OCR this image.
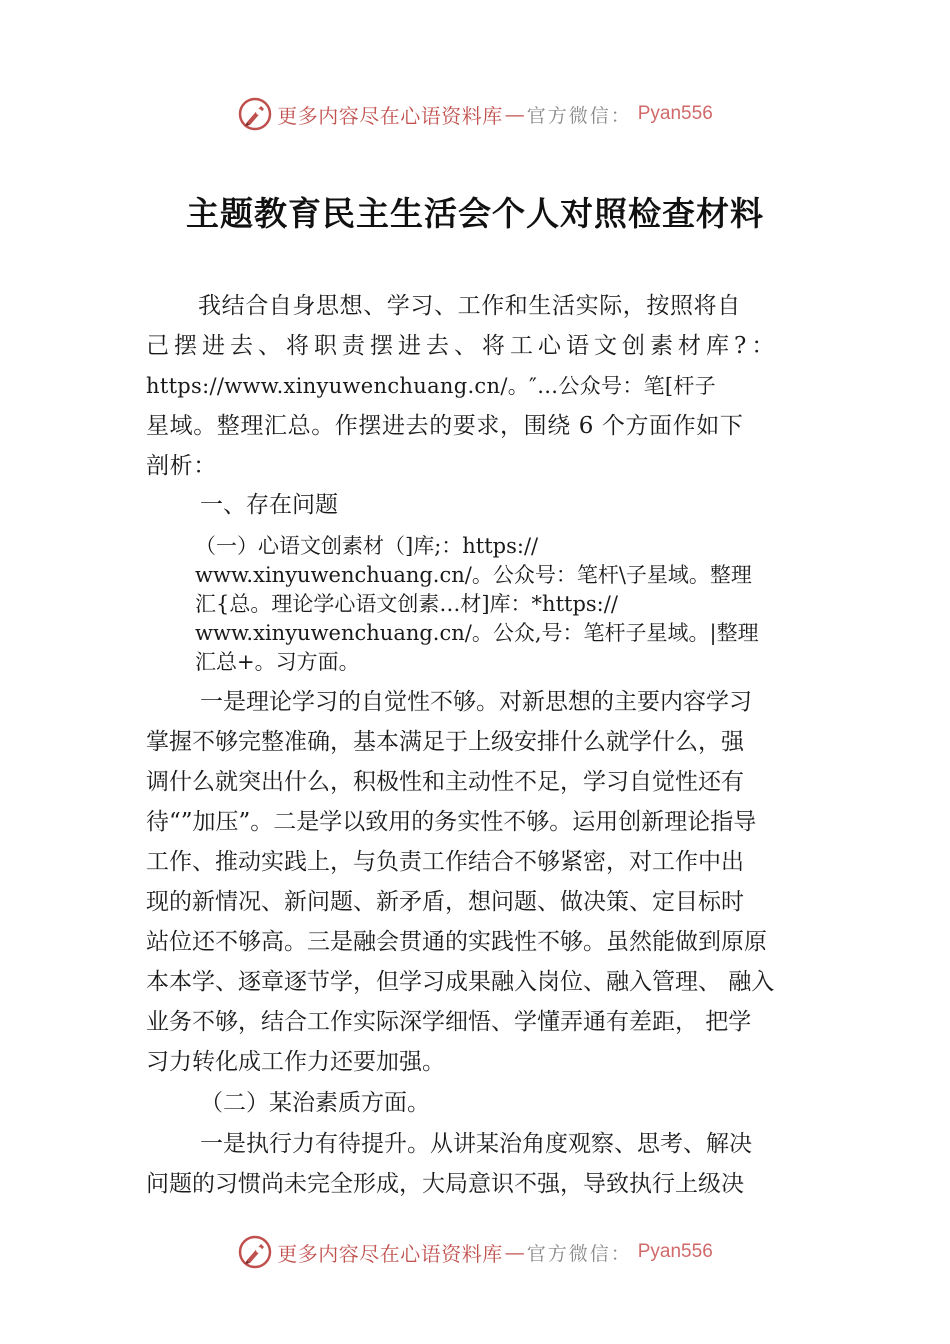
更多内容尽在心语资料库 — 官方微信： Pyan556
主题教育民主生活会个人对照检查材料
我结合自身思想、学习、工作和生活实际，按照将自
己摆进去、将职责摆进去、将工心语文创素材库?：
https://www.xinyuwenchuang.cn/。″…公众号：笔[杆子
星域。整理汇总。作摆进去的要求，围绕 6 个方面作如下
剖析：

一、存在问题

（一）心语文创素材（]库;：https://
www.xinyuwenchuang.cn/。公众号：笔杆\子星域。整理
汇{总。理论学心语文创素…材]库：*https://
www.xinyuwenchuang.cn/。公众,号：笔杆子星域。|整理
汇总+。习方面。
一是理论学习的自觉性不够。对新思想的主要内容学习
掌握不够完整准确，基本满足于上级安排什么就学什么，强
调什么就突出什么，积极性和主动性不足，学习自觉性还有
待“”加压”。二是学以致用的务实性不够。运用创新理论指导
工作、推动实践上，与负责工作结合不够紧密，对工作中出
现的新情况、新问题、新矛盾，想问题、做决策、定目标时
站位还不够高。三是融会贯通的实践性不够。虽然能做到原原
本本学、逐章逐节学，但学习成果融入岗位、融入管理、 融入
业务不够，结合工作实际深学细悟、学懂弄通有差距， 把学
习力转化成工作力还要加强。

（二）某治素质方面。

一是执行力有待提升。从讲某治角度观察、思考、解决
问题的习惯尚未完全形成，大局意识不强，导致执行上级决
更多内容尽在心语资料库 — 官方微信： Pyan556
